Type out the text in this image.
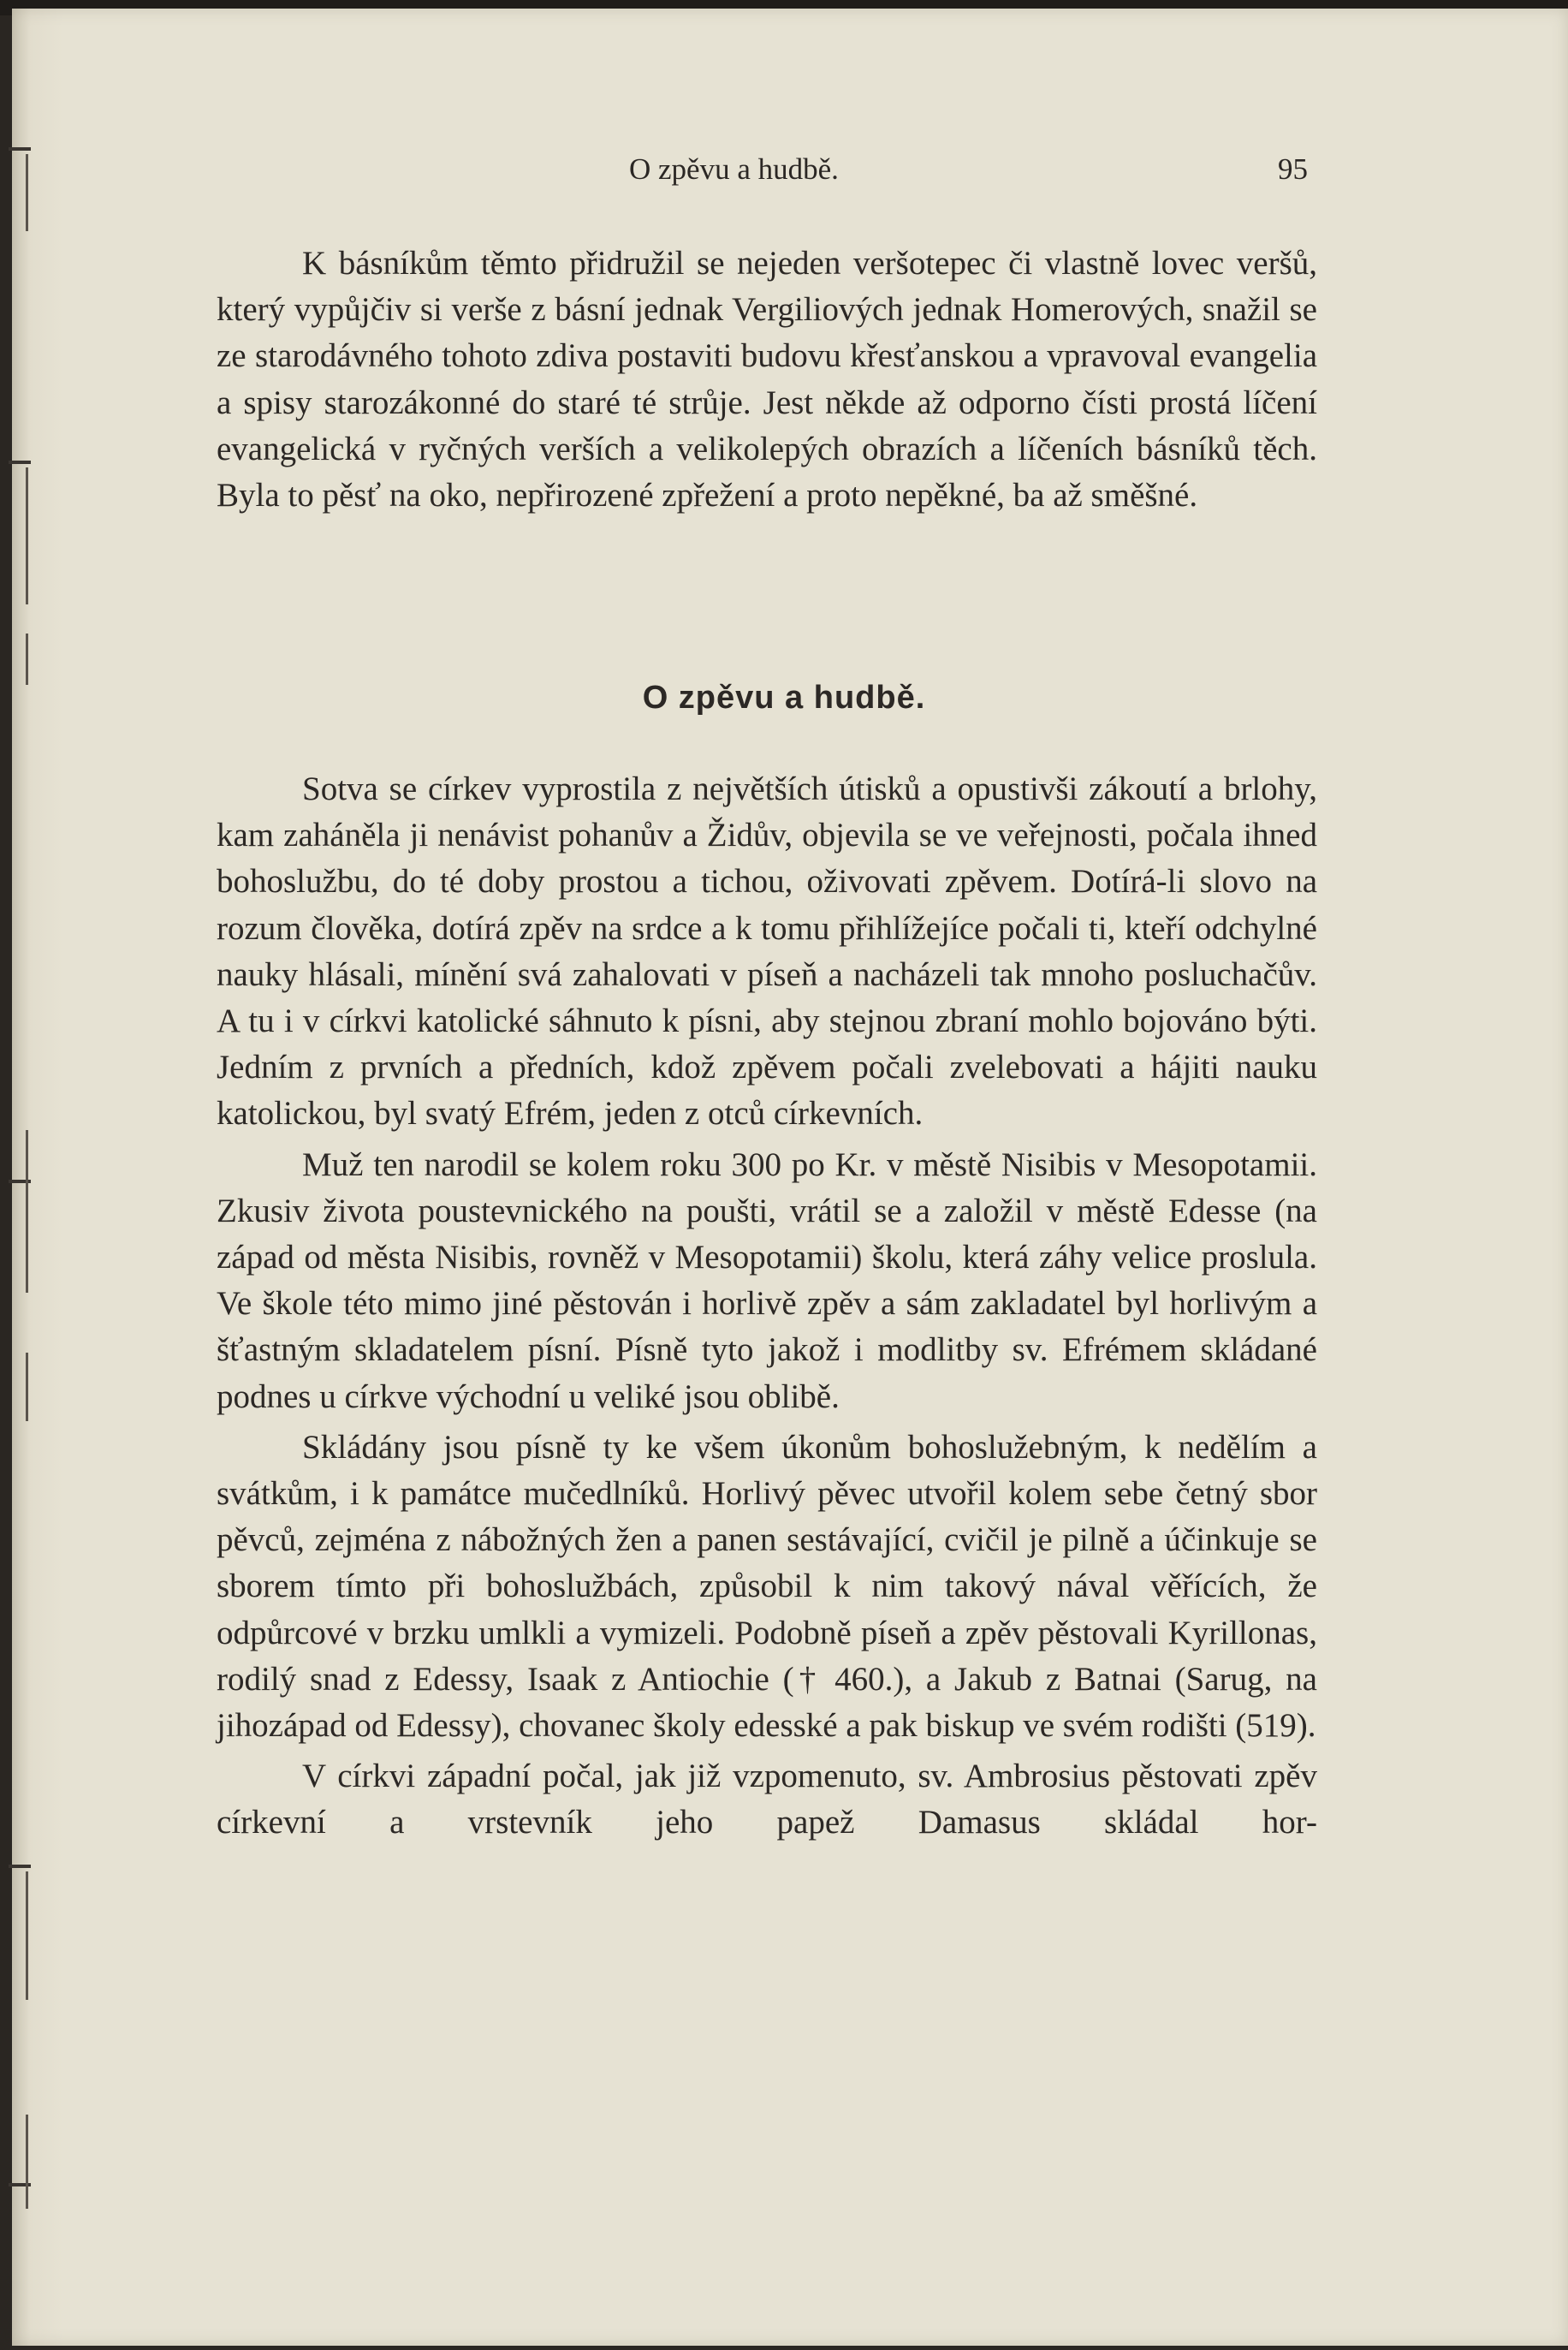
O zpěvu a hudbě.	95

K básníkům těmto přidružil se nejeden veršotepec či vlastně lovec veršů, který vypůjčiv si verše z básní jednak Vergiliových jednak Homerových, snažil se ze starodávného tohoto zdiva postaviti budovu křesťanskou a vpravoval evangelia a spisy starozákonné do staré té strůje. Jest někde až odporno čísti prostá líčení evangelická v ryčných verších a velikolepých obrazích a líčeních básníků těch. Byla to pěsť na oko, nepřirozené zpřežení a proto nepěkné, ba až směšné.

O zpěvu a hudbě.

Sotva se církev vyprostila z největších útisků a opustivši zákoutí a brlohy, kam zaháněla ji nenávist pohanův a Židův, objevila se ve veřejnosti, počala ihned bohoslužbu, do té doby prostou a tichou, oživovati zpěvem. Dotírá-li slovo na rozum člověka, dotírá zpěv na srdce a k tomu přihlížejíce počali ti, kteří odchylné nauky hlásali, mínění svá zahalovati v píseň a nacházeli tak mnoho posluchačův. A tu i v církvi katolické sáhnuto k písni, aby stejnou zbraní mohlo bojováno býti. Jedním z prvních a předních, kdož zpěvem počali zvelebovati a hájiti nauku katolickou, byl svatý Efrém, jeden z otců církevních.

Muž ten narodil se kolem roku 300 po Kr. v městě Nisibis v Mesopotamii. Zkusiv života poustevnického na poušti, vrátil se a založil v městě Edesse (na západ od města Nisibis, rovněž v Mesopotamii) školu, která záhy velice proslula. Ve škole této mimo jiné pěstován i horlivě zpěv a sám zakladatel byl horlivým a šťastným skladatelem písní. Písně tyto jakož i modlitby sv. Efrémem skládané podnes u církve východní u veliké jsou oblibě.

Skládány jsou písně ty ke všem úkonům bohoslužebným, k nedělím a svátkům, i k památce mučedlníků. Horlivý pěvec utvořil kolem sebe četný sbor pěvců, zejména z nábožných žen a panen sestávající, cvičil je pilně a účinkuje se sborem tímto při bohoslužbách, způsobil k nim takový nával věřících, že odpůrcové v brzku umlkli a vymizeli. Podobně píseň a zpěv pěstovali Kyrillonas, rodilý snad z Edessy, Isaak z Antiochie († 460.), a Jakub z Batnai (Sarug, na jihozápad od Edessy), chovanec školy edesské a pak biskup ve svém rodišti (519).

V církvi západní počal, jak již vzpomenuto, sv. Ambrosius pěstovati zpěv církevní a vrstevník jeho papež Damasus skládal hor-
